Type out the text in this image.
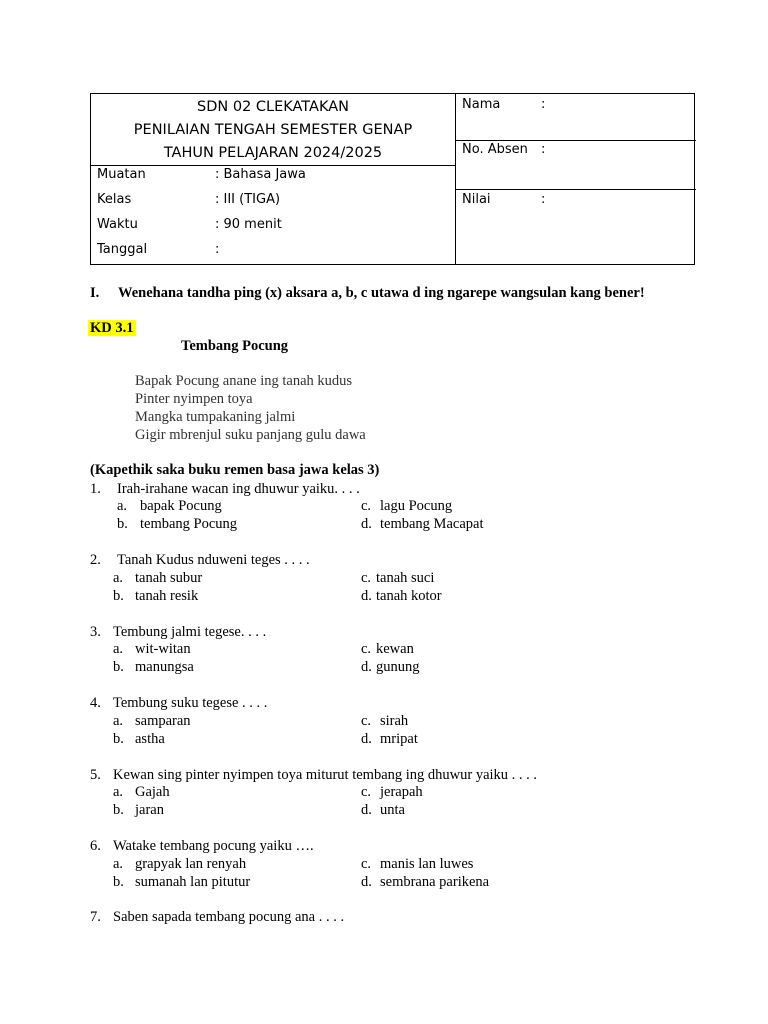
SDN 02 CLEKATAKAN
PENILAIAN TENGAH SEMESTER GENAP
TAHUN PELAJARAN 2024/2025
Muatan	: Bahasa Jawa
Kelas	: III (TIGA)
Waktu	: 90 menit
Tanggal	:
Nama	:
No. Absen :
Nilai	:
I. Wenehana tandha ping (x) aksara a, b, c utawa d ing ngarepe wangsulan kang bener!
KD 3.1
Tembang Pocung
Bapak Pocung anane ing tanah kudus
Pinter nyimpen toya
Mangka tumpakaning jalmi
Gigir mbrenjul suku panjang gulu dawa
(Kapethik saka buku remen basa jawa kelas 3)
1. Irah-irahane wacan ing dhuwur yaiku. . . .
a. bapak Pocung
b. tembang Pocung
c. lagu Pocung
d. tembang Macapat
2. Tanah Kudus nduweni teges . . . .
a. tanah subur
b. tanah resik
c. tanah suci
d. tanah kotor
3. Tembung jalmi tegese. . . .
a. wit-witan
b. manungsa
c. kewan
d. gunung
4. Tembung suku tegese . . . .
a. samparan
b. astha
c. sirah
d. mripat
5. Kewan sing pinter nyimpen toya miturut tembang ing dhuwur yaiku . . . .
a. Gajah
b. jaran
c. jerapah
d. unta
6. Watake tembang pocung yaiku ….
a. grapyak lan renyah
b. sumanah lan pitutur
c. manis lan luwes
d. sembrana parikena
7. Saben sapada tembang pocung ana . . . .
